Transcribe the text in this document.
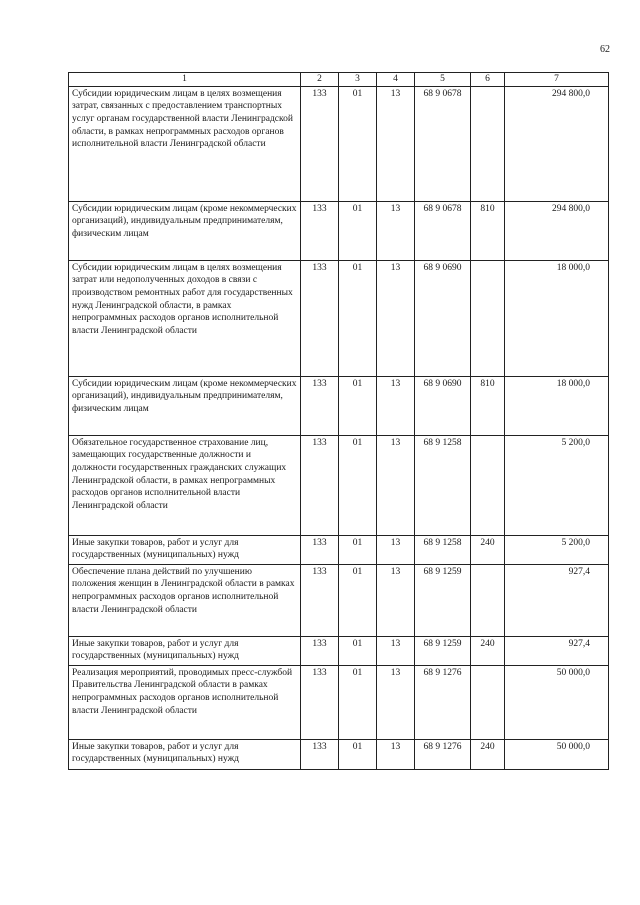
62
1	2	3	4	5	6	7
Субсидии юридическим лицам в целях возмещения затрат, связанных с предоставлением транспортных услуг органам государственной власти Ленинградской области, в рамках непрограммных расходов органов исполнительной власти Ленинградской области	133	01	13	68 9 0678		294 800,0
Субсидии юридическим лицам (кроме некоммерческих организаций), индивидуальным предпринимателям, физическим лицам	133	01	13	68 9 0678	810	294 800,0
Субсидии юридическим лицам в целях возмещения затрат или недополученных доходов в связи с производством ремонтных работ для государственных нужд Ленинградской области, в рамках непрограммных расходов органов исполнительной власти Ленинградской области	133	01	13	68 9 0690		18 000,0
Субсидии юридическим лицам (кроме некоммерческих организаций), индивидуальным предпринимателям, физическим лицам	133	01	13	68 9 0690	810	18 000,0
Обязательное государственное страхование лиц, замещающих государственные должности и должности государственных гражданских служащих Ленинградской области, в рамках непрограммных расходов органов исполнительной власти Ленинградской области	133	01	13	68 9 1258		5 200,0
Иные закупки товаров, работ и услуг для государственных (муниципальных) нужд	133	01	13	68 9 1258	240	5 200,0
Обеспечение плана действий по улучшению положения женщин в Ленинградской области в рамках непрограммных расходов органов исполнительной власти Ленинградской области	133	01	13	68 9 1259		927,4
Иные закупки товаров, работ и услуг для государственных (муниципальных) нужд	133	01	13	68 9 1259	240	927,4
Реализация мероприятий, проводимых пресс-службой Правительства Ленинградской области в рамках непрограммных расходов органов исполнительной власти Ленинградской области	133	01	13	68 9 1276		50 000,0
Иные закупки товаров, работ и услуг для государственных (муниципальных) нужд	133	01	13	68 9 1276	240	50 000,0
